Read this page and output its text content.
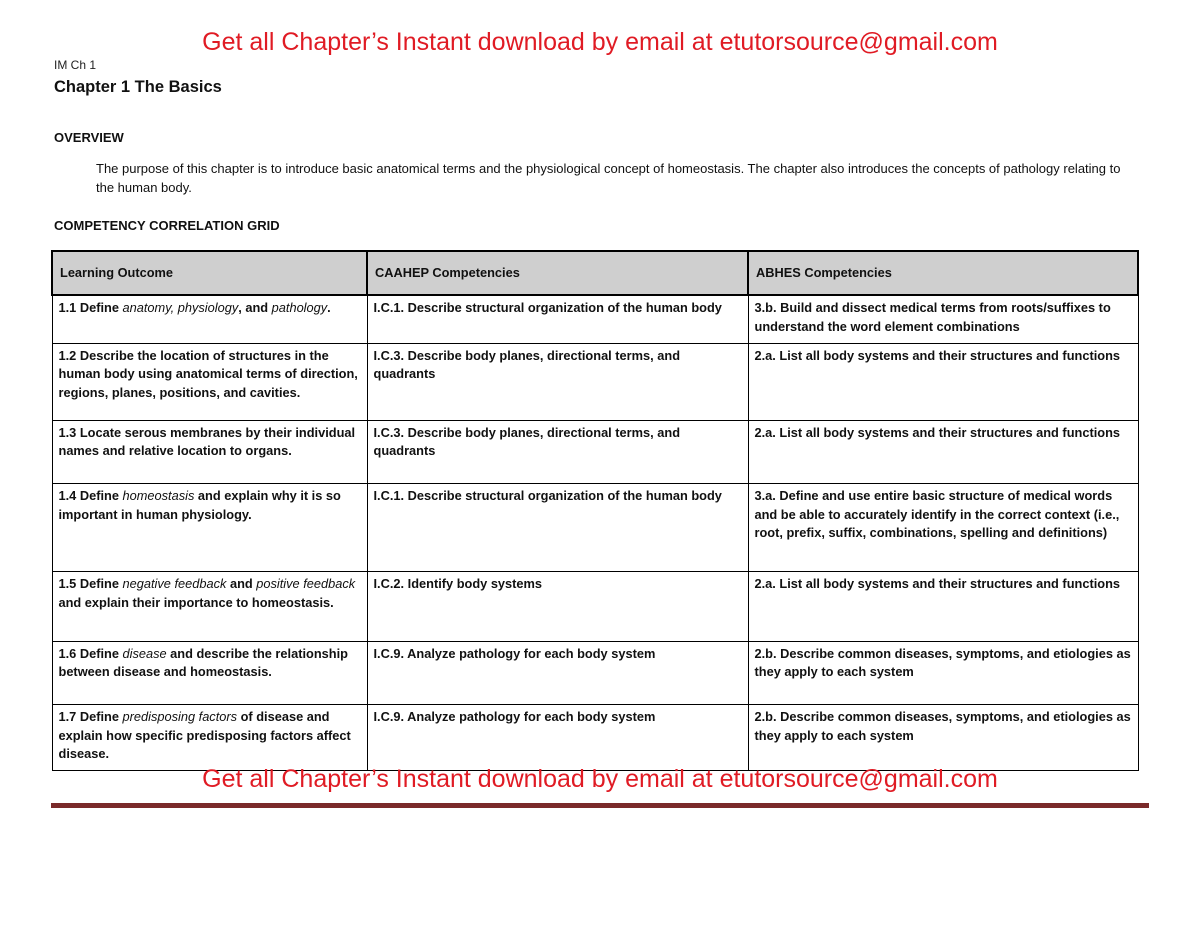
Get all Chapter’s Instant download by email at etutorsource@gmail.com
IM Ch 1
Chapter 1 The Basics
OVERVIEW
The purpose of this chapter is to introduce basic anatomical terms and the physiological concept of homeostasis. The chapter also introduces the concepts of pathology relating to the human body.
COMPETENCY CORRELATION GRID
Learning Outcome	CAAHEP Competencies	ABHES Competencies
1.1 Define anatomy, physiology, and pathology.	I.C.1. Describe structural organization of the human body	3.b. Build and dissect medical terms from roots/suffixes to understand the word element combinations
1.2 Describe the location of structures in the human body using anatomical terms of direction, regions, planes, positions, and cavities.	I.C.3. Describe body planes, directional terms, and quadrants	2.a. List all body systems and their structures and functions
1.3 Locate serous membranes by their individual names and relative location to organs.	I.C.3. Describe body planes, directional terms, and quadrants	2.a. List all body systems and their structures and functions
1.4 Define homeostasis and explain why it is so important in human physiology.	I.C.1. Describe structural organization of the human body	3.a. Define and use entire basic structure of medical words and be able to accurately identify in the correct context (i.e., root, prefix, suffix, combinations, spelling and definitions)
1.5 Define negative feedback and positive feedback and explain their importance to homeostasis.	I.C.2. Identify body systems	2.a. List all body systems and their structures and functions
1.6 Define disease and describe the relationship between disease and homeostasis.	I.C.9. Analyze pathology for each body system	2.b. Describe common diseases, symptoms, and etiologies as they apply to each system
1.7 Define predisposing factors of disease and explain how specific predisposing factors affect disease.	I.C.9. Analyze pathology for each body system	2.b. Describe common diseases, symptoms, and etiologies as they apply to each system
Get all Chapter’s Instant download by email at etutorsource@gmail.com
